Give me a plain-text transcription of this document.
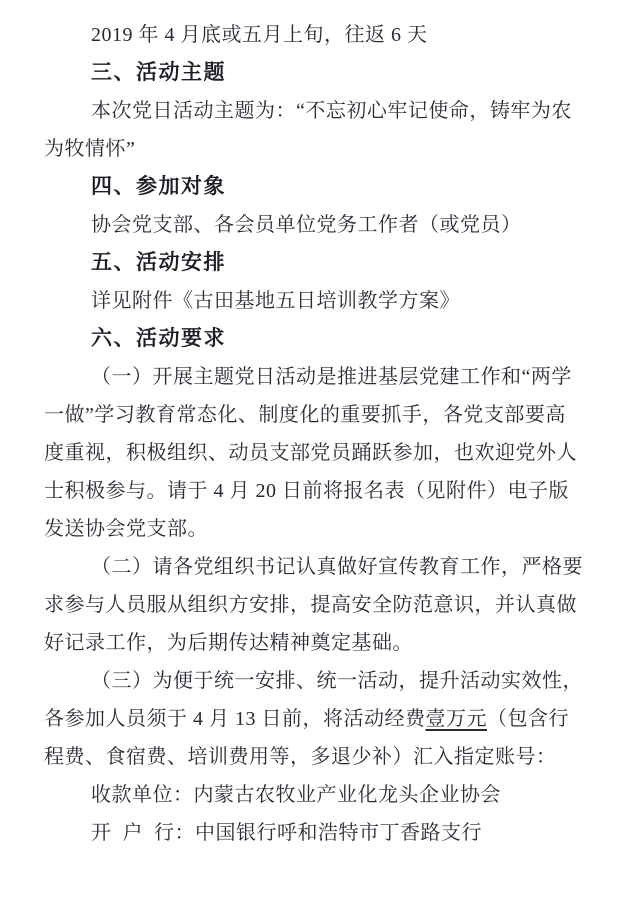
2019 年 4 月底或五月上旬，往返 6 天
三、活动主题
本次党日活动主题为：“不忘初心牢记使命，铸牢为农
为牧情怀”
四、参加对象
协会党支部、各会员单位党务工作者（或党员）
五、活动安排
详见附件《古田基地五日培训教学方案》
六、活动要求
（一）开展主题党日活动是推进基层党建工作和“两学
一做”学习教育常态化、制度化的重要抓手，各党支部要高
度重视，积极组织、动员支部党员踊跃参加，也欢迎党外人
士积极参与。请于 4 月 20 日前将报名表（见附件）电子版
发送协会党支部。
（二）请各党组织书记认真做好宣传教育工作，严格要
求参与人员服从组织方安排，提高安全防范意识，并认真做
好记录工作，为后期传达精神奠定基础。
（三）为便于统一安排、统一活动，提升活动实效性，
各参加人员须于 4 月 13 日前，将活动经费壹万元（包含行
程费、食宿费、培训费用等，多退少补）汇入指定账号：
收款单位：内蒙古农牧业产业化龙头企业协会
开  户  行：中国银行呼和浩特市丁香路支行
